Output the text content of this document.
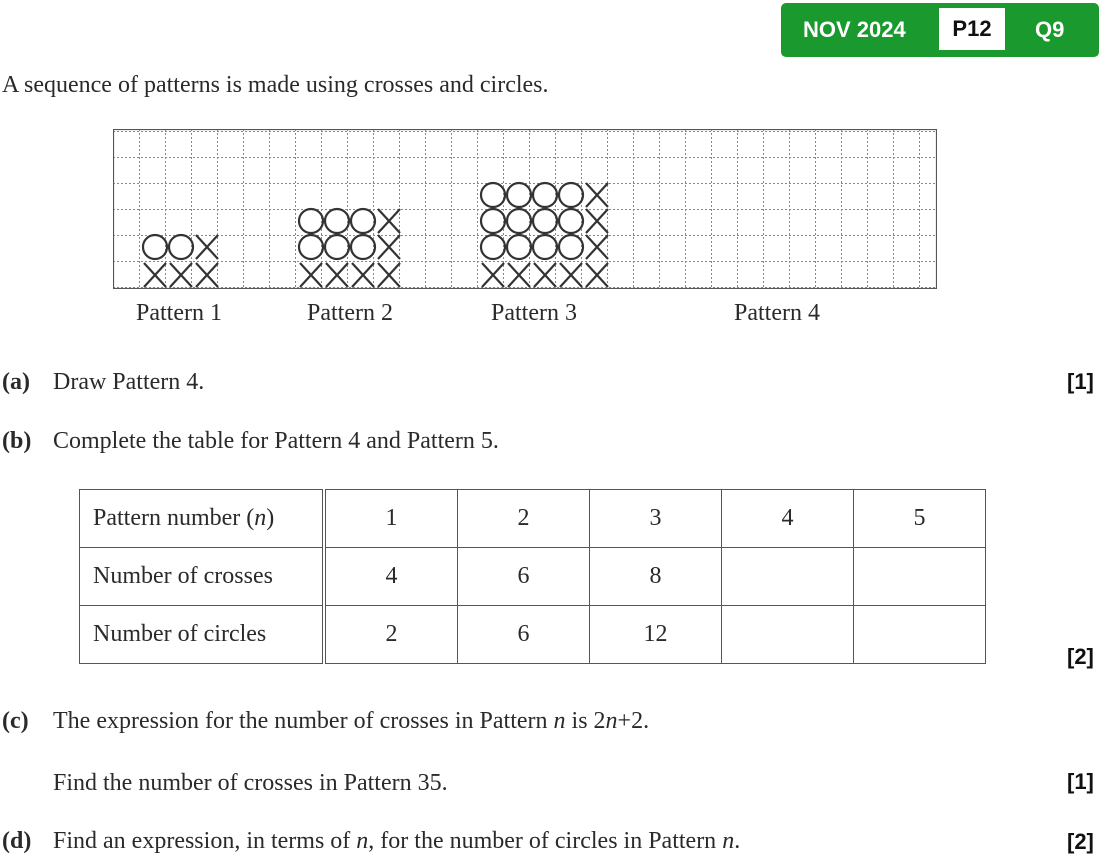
NOV 2024	P12	Q9
A sequence of patterns is made using crosses and circles.
Pattern 1	Pattern 2	Pattern 3	Pattern 4
(a) Draw Pattern 4.	[1]
(b) Complete the table for Pattern 4 and Pattern 5.
Pattern number (n)	1	2	3	4	5
Number of crosses	4	6	8		
Number of circles	2	6	12		
[2]
(c) The expression for the number of crosses in Pattern n is 2n+2.
Find the number of crosses in Pattern 35.	[1]
(d) Find an expression, in terms of n, for the number of circles in Pattern n.	[2]
